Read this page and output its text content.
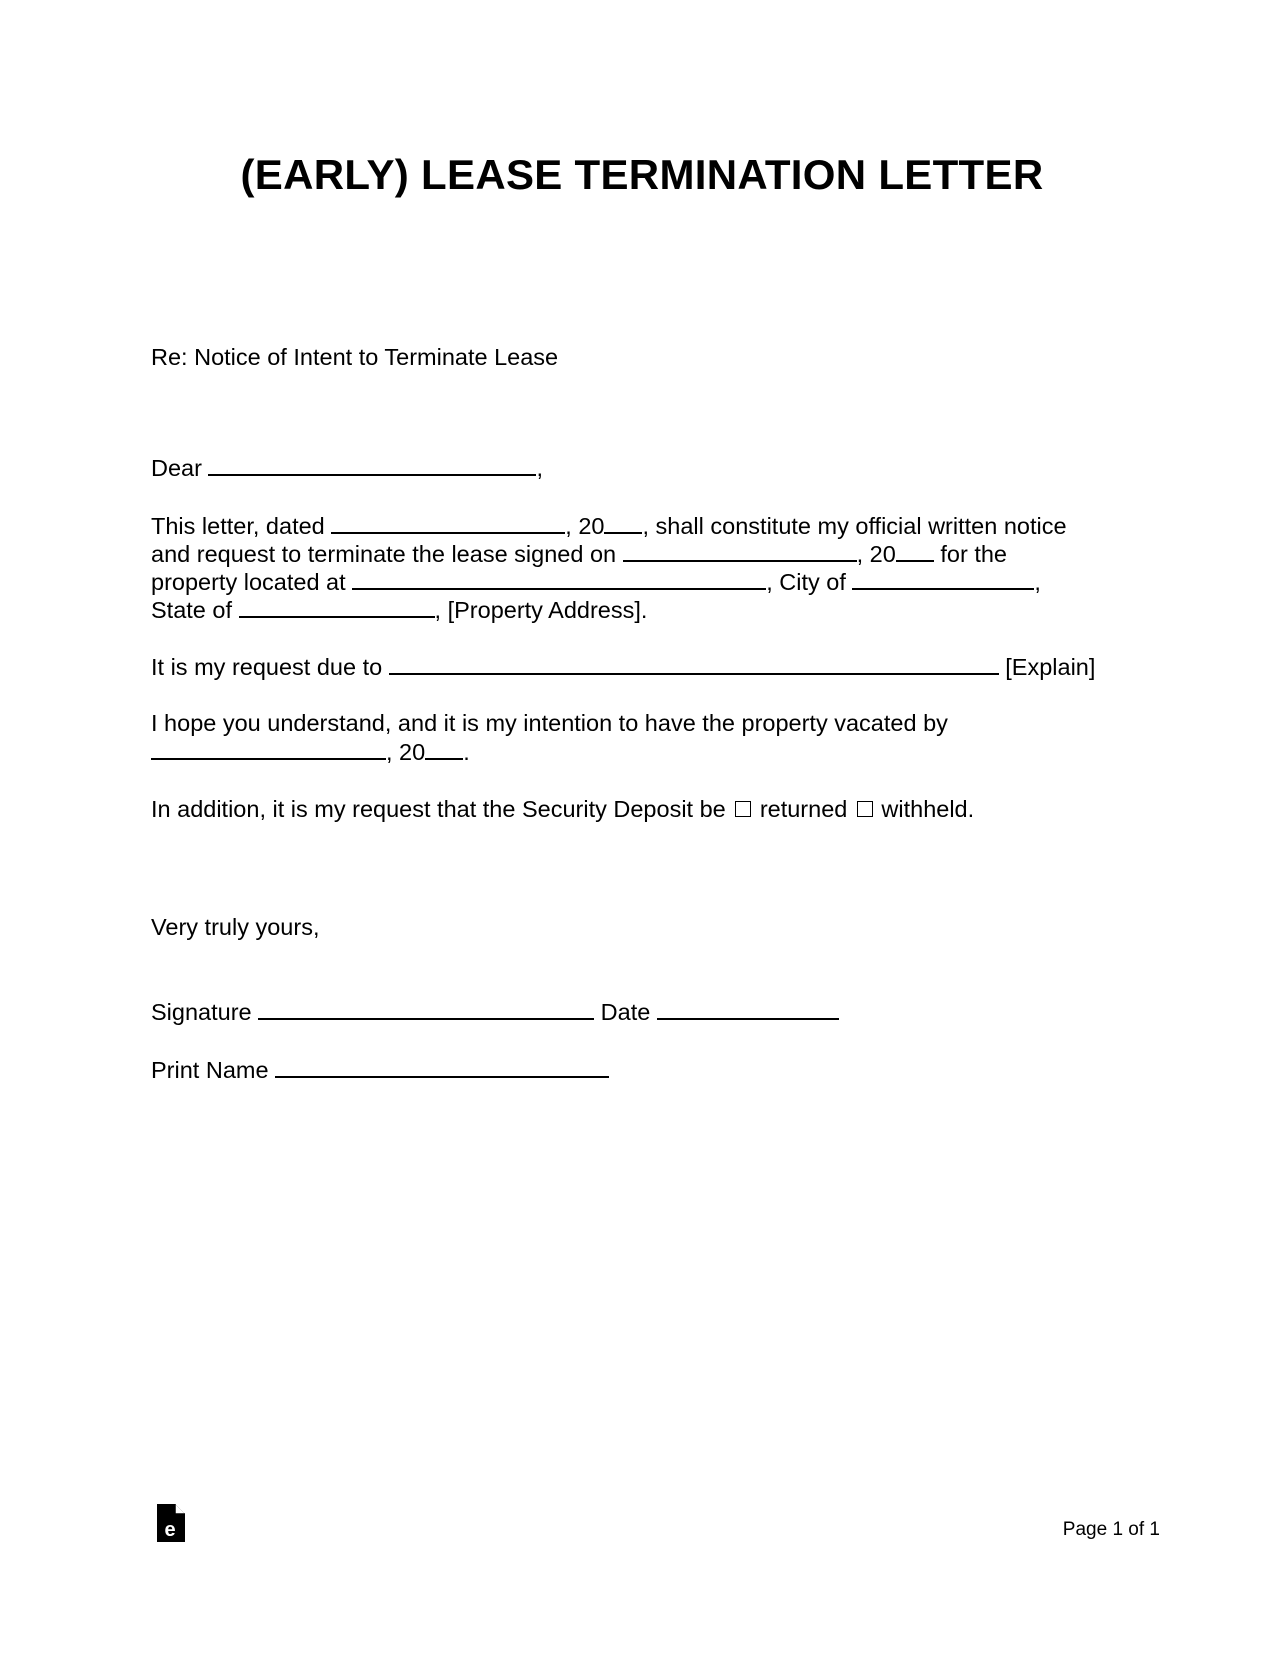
(EARLY) LEASE TERMINATION LETTER
Re: Notice of Intent to Terminate Lease
Dear	,
This letter, dated	, 20 , shall constitute my official written notice
and request to terminate the lease signed on	, 20 for the
property located at	, City of	,
State of	, [Property Address].
It is my request due to	[Explain]
I hope you understand, and it is my intention to have the property vacated by
, 20 .
In addition, it is my request that the Security Deposit be returned withheld.
Very truly yours,
Signature	Date
Print Name
e	Page 1 of 1
